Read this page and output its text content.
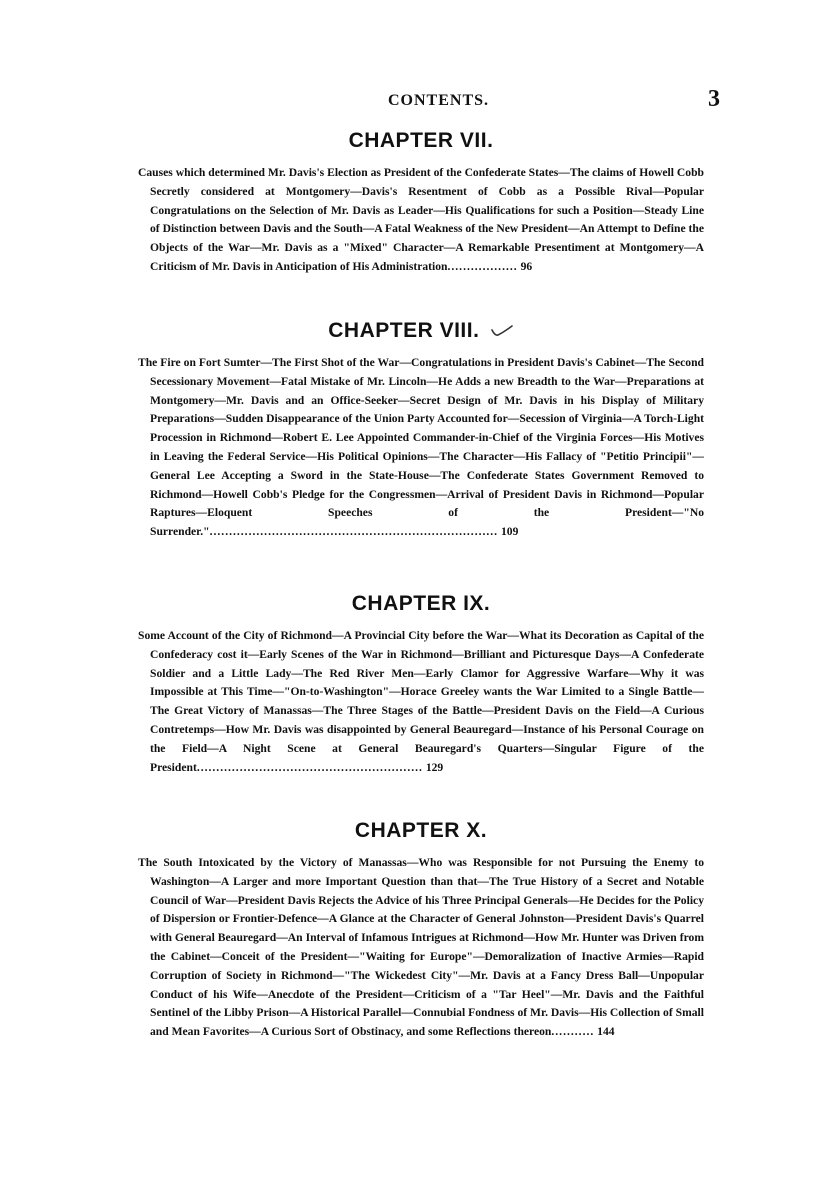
CONTENTS.	3
CHAPTER VII.

Causes which determined Mr. Davis's Election as President of the Confederate States—The claims of Howell Cobb Secretly considered at Montgomery—Davis's Resentment of Cobb as a Possible Rival—Popular Congratulations on the Selection of Mr. Davis as Leader—His Qualifications for such a Position—Steady Line of Distinction between Davis and the South—A Fatal Weakness of the New President—An Attempt to Define the Objects of the War—Mr. Davis as a "Mixed" Character—A Remarkable Presentiment at Montgomery—A Criticism of Mr. Davis in Anticipation of His Administration.................. 96

CHAPTER VIII.

The Fire on Fort Sumter—The First Shot of the War—Congratulations in President Davis's Cabinet—The Second Secessionary Movement—Fatal Mistake of Mr. Lincoln—He Adds a new Breadth to the War—Preparations at Montgomery—Mr. Davis and an Office-Seeker—Secret Design of Mr. Davis in his Display of Military Preparations—Sudden Disappearance of the Union Party Accounted for—Secession of Virginia—A Torch-Light Procession in Richmond—Robert E. Lee Appointed Commander-in-Chief of the Virginia Forces—His Motives in Leaving the Federal Service—His Political Opinions—The Character—His Fallacy of "Petitio Principii"—General Lee Accepting a Sword in the State-House—The Confederate States Government Removed to Richmond—Howell Cobb's Pledge for the Congressmen—Arrival of President Davis in Richmond—Popular Raptures—Eloquent Speeches of the President—"No Surrender.".......................................................................... 109

CHAPTER IX.

Some Account of the City of Richmond—A Provincial City before the War—What its Decoration as Capital of the Confederacy cost it—Early Scenes of the War in Richmond—Brilliant and Picturesque Days—A Confederate Soldier and a Little Lady—The Red River Men—Early Clamor for Aggressive Warfare—Why it was Impossible at This Time—"On-to-Washington"—Horace Greeley wants the War Limited to a Single Battle—The Great Victory of Manassas—The Three Stages of the Battle—President Davis on the Field—A Curious Contretemps—How Mr. Davis was disappointed by General Beauregard—Instance of his Personal Courage on the Field—A Night Scene at General Beauregard's Quarters—Singular Figure of the President.......................................................... 129

CHAPTER X.

The South Intoxicated by the Victory of Manassas—Who was Responsible for not Pursuing the Enemy to Washington—A Larger and more Important Question than that—The True History of a Secret and Notable Council of War—President Davis Rejects the Advice of his Three Principal Generals—He Decides for the Policy of Dispersion or Frontier-Defence—A Glance at the Character of General Johnston—President Davis's Quarrel with General Beauregard—An Interval of Infamous Intrigues at Richmond—How Mr. Hunter was Driven from the Cabinet—Conceit of the President—"Waiting for Europe"—Demoralization of Inactive Armies—Rapid Corruption of Society in Richmond—"The Wickedest City"—Mr. Davis at a Fancy Dress Ball—Unpopular Conduct of his Wife—Anecdote of the President—Criticism of a "Tar Heel"—Mr. Davis and the Faithful Sentinel of the Libby Prison—A Historical Parallel—Connubial Fondness of Mr. Davis—His Collection of Small and Mean Favorites—A Curious Sort of Obstinacy, and some Reflections thereon........... 144
